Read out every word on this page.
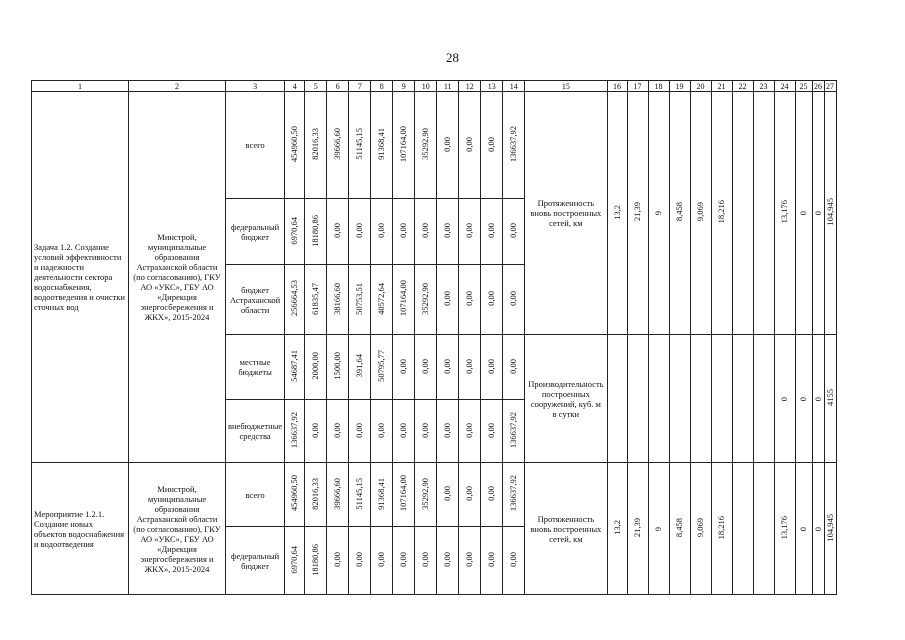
28
1	2	3	4	5	6	7	8	9	10	11	12	13	14	15	16	17	18	19	20	21	22	23	24	25	26	27
Задача 1.2. Создание условий эффективности и надежности деятельности сектора водоснабжения, водоотведения и очистки сточных вод	Минстрой, муниципальные образования Астраханской области (по согласованию), ГКУ АО «УКС», ГБУ АО «Дирекция энергосбережения и ЖКХ», 2015-2024	всего	454960,50	82016,33	39666,60	51145,15	91368,41	107164,00	35292,90	0,00	0,00	0,00	136637,92	Протяженность вновь построенных сетей, км	13,2	21,39	9	8,458	9,069	18,216			13,176	0	0	104,945
		федеральный бюджет	6970,64	18180,86	0,00	0,00	0,00	0,00	0,00	0,00	0,00	0,00	0,00													
		бюджет Астраханской области	256664,53	61835,47	38166,60	50753,51	40572,64	107164,00	35292,90	0,00	0,00	0,00	0,00													
		местные бюджеты	54687,41	2000,00	1500,00	391,64	50795,77	0,00	0,00	0,00	0,00	0,00	0,00	Производительность построенных сооружений, куб. м в сутки									0	0	0	4155
		внебюджетные средства	136637,92	0,00	0,00	0,00	0,00	0,00	0,00	0,00	0,00	0,00	136637,92													
Мероприятие 1.2.1. Создание новых объектов водоснабжения и водоотведения	Минстрой, муниципальные образования Астраханской области (по согласованию), ГКУ АО «УКС», ГБУ АО «Дирекция энергосбережения и ЖКХ», 2015-2024	всего	454960,50	82016,33	39666,60	51145,15	91368,41	107164,00	35292,90	0,00	0,00	0,00	136637,92	Протяженность вновь построенных сетей, км	13,2	21,39	9	8,458	9,069	18,216			13,176	0	0	104,945
		федеральный бюджет	6970,64	18180,86	0,00	0,00	0,00	0,00	0,00	0,00	0,00	0,00	0,00													
